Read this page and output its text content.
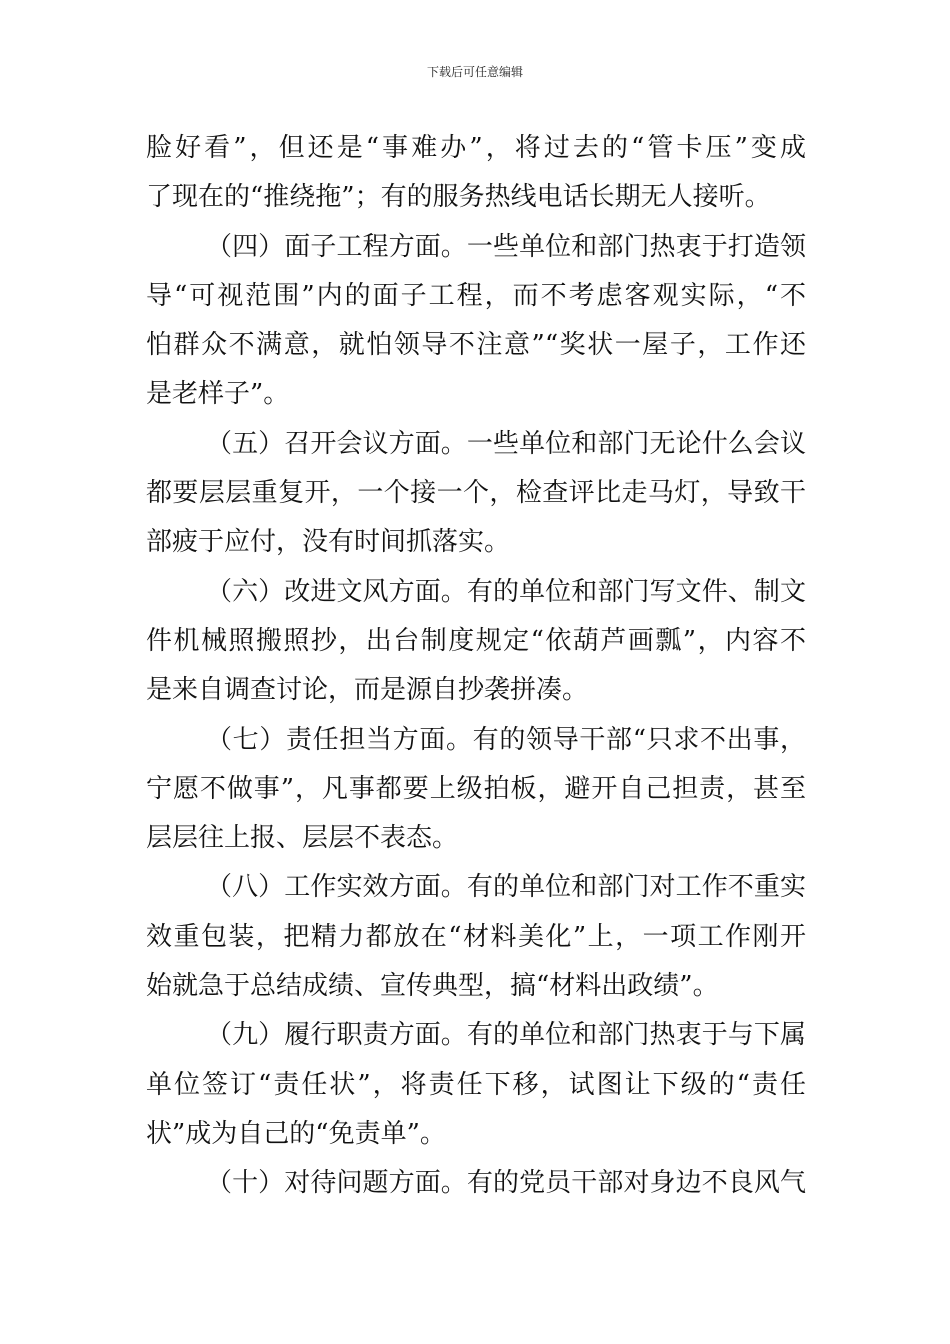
下载后可任意编辑
脸好看”，但还是“事难办”，将过去的“管卡压”变成
了现在的“推绕拖”；有的服务热线电话长期无人接听。
（四）面子工程方面。一些单位和部门热衷于打造领
导“可视范围”内的面子工程，而不考虑客观实际，“不
怕群众不满意，就怕领导不注意”“奖状一屋子，工作还
是老样子”。
（五）召开会议方面。一些单位和部门无论什么会议
都要层层重复开，一个接一个，检查评比走马灯，导致干
部疲于应付，没有时间抓落实。
（六）改进文风方面。有的单位和部门写文件、制文
件机械照搬照抄，出台制度规定“依葫芦画瓢”，内容不
是来自调查讨论，而是源自抄袭拼凑。
（七）责任担当方面。有的领导干部“只求不出事，
宁愿不做事”，凡事都要上级拍板，避开自己担责，甚至
层层往上报、层层不表态。
（八）工作实效方面。有的单位和部门对工作不重实
效重包装，把精力都放在“材料美化”上，一项工作刚开
始就急于总结成绩、宣传典型，搞“材料出政绩”。
（九）履行职责方面。有的单位和部门热衷于与下属
单位签订“责任状”，将责任下移，试图让下级的“责任
状”成为自己的“免责单”。
（十）对待问题方面。有的党员干部对身边不良风气
